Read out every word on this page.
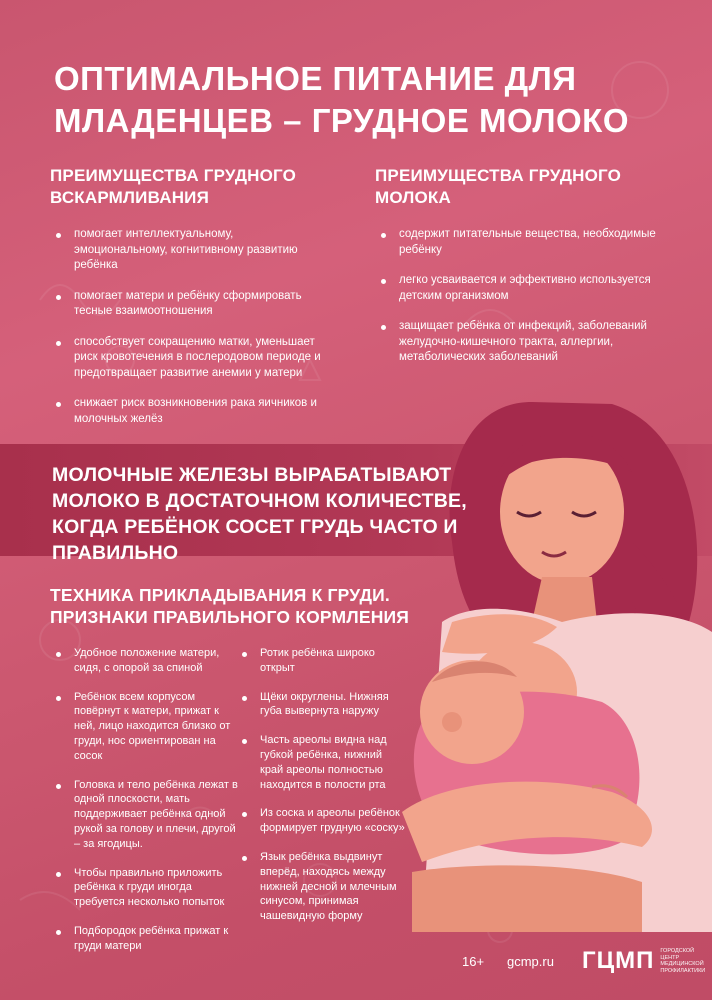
ОПТИМАЛЬНОЕ ПИТАНИЕ ДЛЯ МЛАДЕНЦЕВ – ГРУДНОЕ МОЛОКО
ПРЕИМУЩЕСТВА ГРУДНОГО ВСКАРМЛИВАНИЯ
помогает интеллектуальному, эмоциональному, когнитивному развитию ребёнка
помогает матери и ребёнку сформировать тесные взаимоотношения
способствует сокращению матки, уменьшает риск кровотечения в послеродовом периоде и предотвращает развитие анемии у матери
снижает риск возникновения рака яичников и молочных желёз
ПРЕИМУЩЕСТВА ГРУДНОГО МОЛОКА
содержит питательные вещества, необходимые ребёнку
легко усваивается и эффективно используется детским организмом
защищает ребёнка от инфекций, заболеваний желудочно-кишечного тракта, аллергии, метаболических заболеваний
МОЛОЧНЫЕ ЖЕЛЕЗЫ ВЫРАБАТЫВАЮТ МОЛОКО В ДОСТАТОЧНОМ КОЛИЧЕСТВЕ, КОГДА РЕБЁНОК СОСЕТ ГРУДЬ ЧАСТО И ПРАВИЛЬНО
ТЕХНИКА ПРИКЛАДЫВАНИЯ К ГРУДИ. ПРИЗНАКИ ПРАВИЛЬНОГО КОРМЛЕНИЯ
Удобное положение матери, сидя, с опорой за спиной
Ребёнок всем корпусом повёрнут к матери, прижат к ней, лицо находится близко от груди, нос ориентирован на сосок
Головка и тело ребёнка лежат в одной плоскости, мать поддерживает ребёнка одной рукой за голову и плечи, другой – за ягодицы.
Чтобы правильно приложить ребёнка к груди иногда требуется несколько попыток
Подбородок ребёнка прижат к груди матери
Ротик ребёнка широко открыт
Щёки округлены. Нижняя губа вывернута наружу
Часть ареолы видна над губкой ребёнка, нижний край ареолы полностью находится в полости рта
Из соска и ареолы ребёнок формирует грудную «соску»
Язык ребёнка выдвинут вперёд, находясь между нижней десной и млечным синусом, принимая чашевидную форму
16+ gcmp.ru ГЦМП ГОРОДСКОЙ ЦЕНТР МЕДИЦИНСКОЙ ПРОФИЛАКТИКИ
